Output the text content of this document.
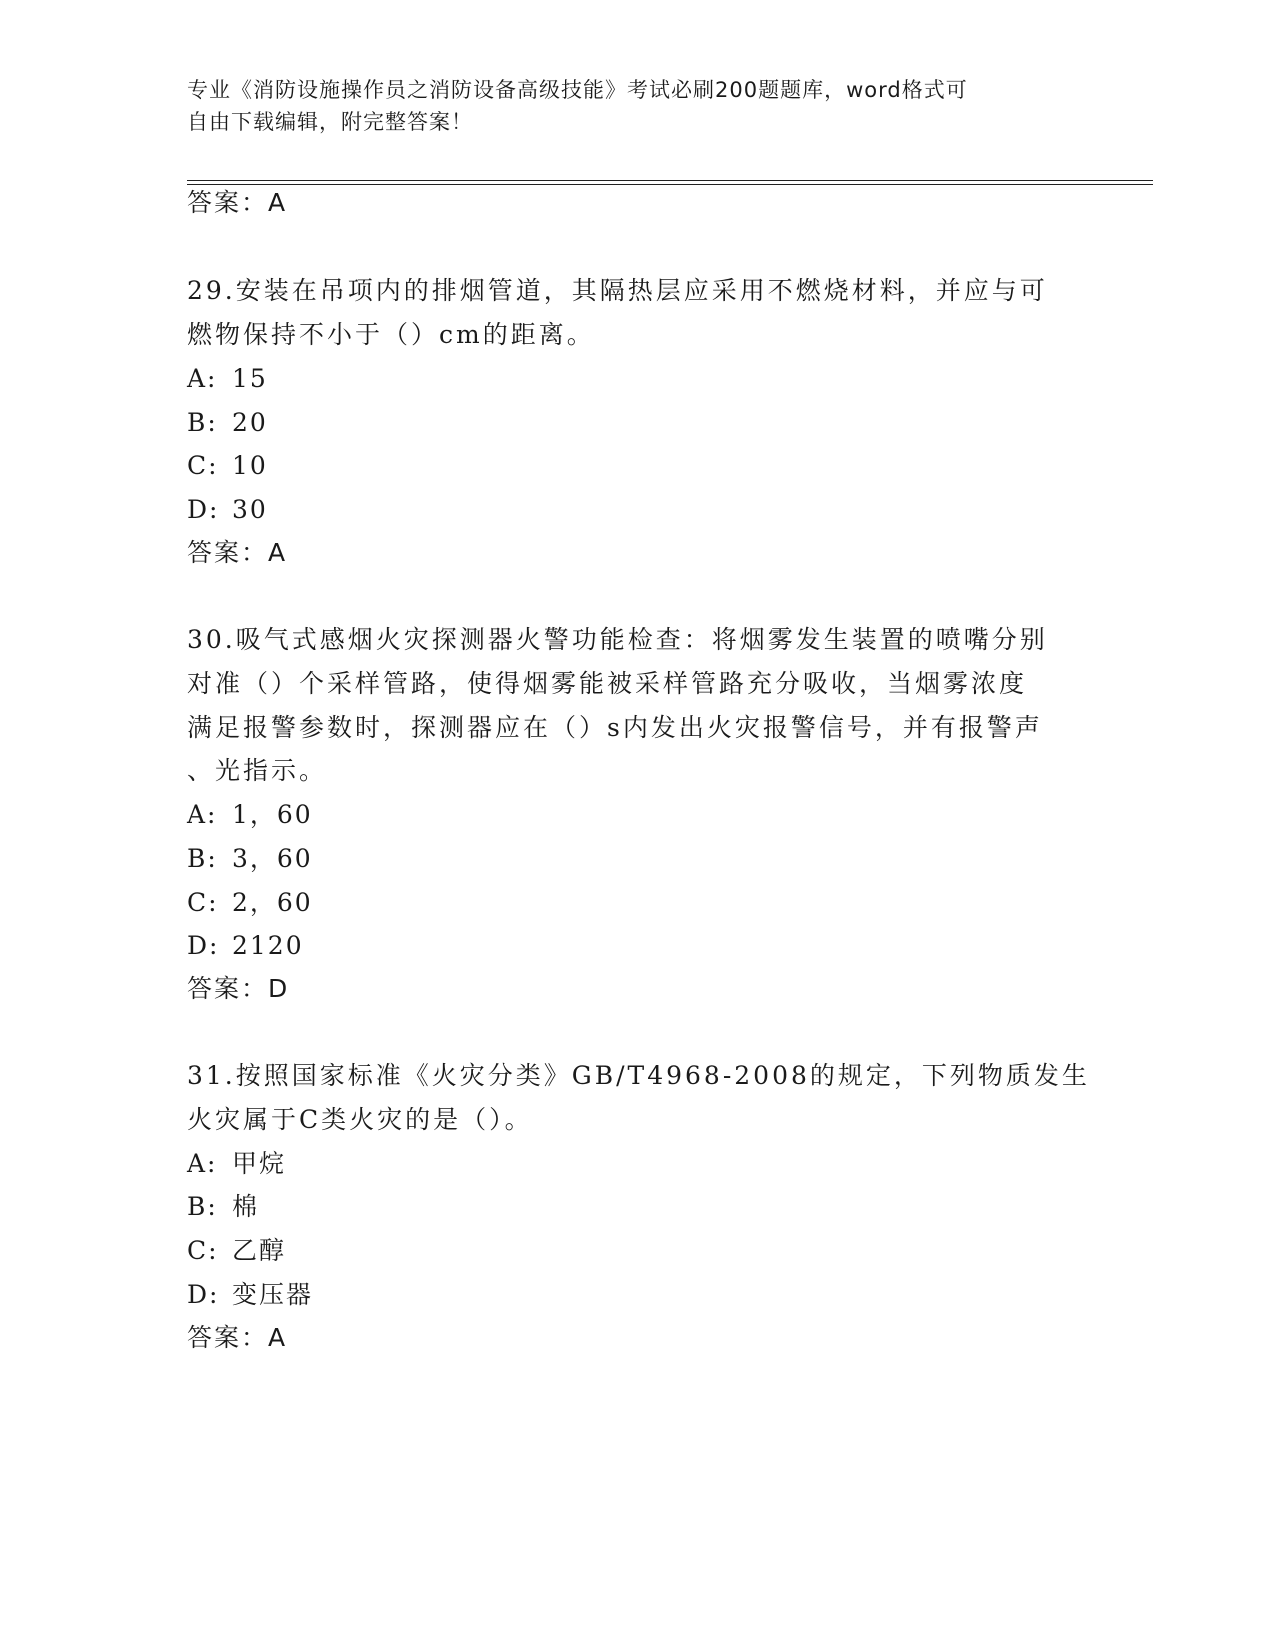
专业《消防设施操作员之消防设备高级技能》考试必刷200题题库，word格式可
自由下载编辑，附完整答案！
答案：A
29.安装在吊项内的排烟管道，其隔热层应采用不燃烧材料，并应与可
燃物保持不小于（）cm的距离。
A: 15
B: 20
C: 10
D: 30
答案：A
30.吸气式感烟火灾探测器火警功能检查：将烟雾发生装置的喷嘴分别
对准（）个采样管路，使得烟雾能被采样管路充分吸收，当烟雾浓度
满足报警参数时，探测器应在（）s内发出火灾报警信号，并有报警声
、光指示。
A: 1，60
B: 3，60
C: 2，60
D: 2120
答案：D
31.按照国家标准《火灾分类》GB/T4968-2008的规定，下列物质发生
火灾属于C类火灾的是（）。
A: 甲烷
B: 棉
C: 乙醇
D: 变压器
答案：A
